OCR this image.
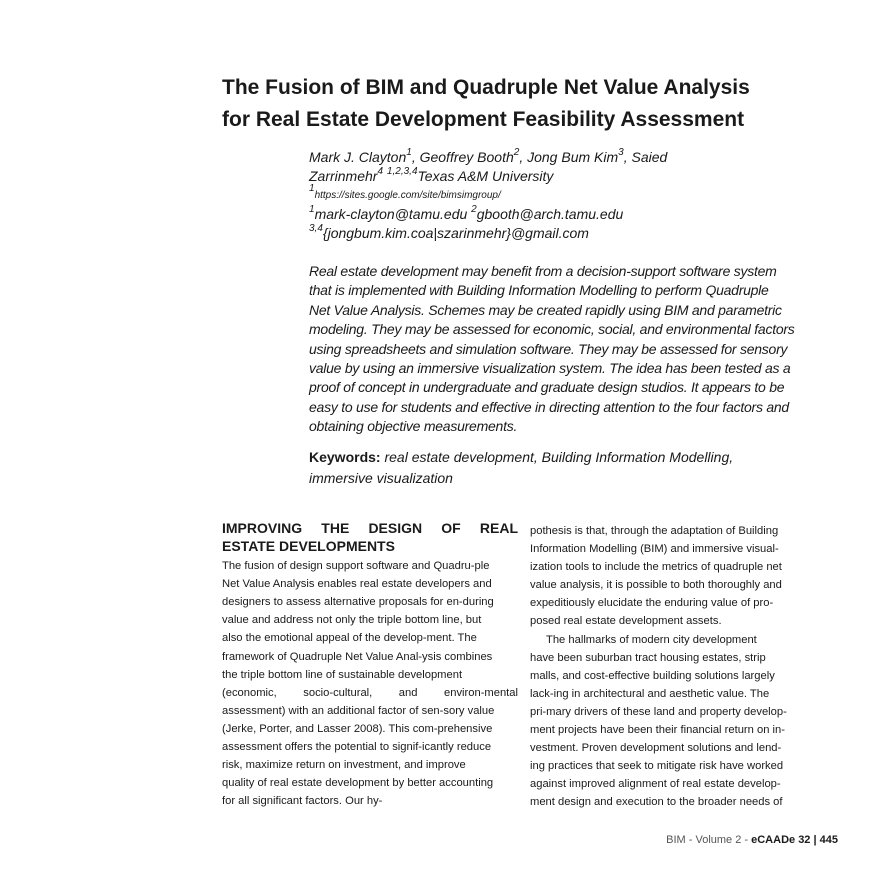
The Fusion of BIM and Quadruple Net Value Analysis
for Real Estate Development Feasibility Assessment
Mark J. Clayton$^1$, Geoffrey Booth$^2$, Jong Bum Kim$^3$, Saied
Zarrinmehr$^4$ $^{1,2,3,4}$Texas A&M University
$^1$https://sites.google.com/site/bimsimgroup/
$^1$mark-clayton@tamu.edu $^2$gbooth@arch.tamu.edu
$^{3,4}${jongbum.kim.coa|szarinmehr}@gmail.com
Real estate development may benefit from a decision-support software system
that is implemented with Building Information Modelling to perform Quadruple
Net Value Analysis. Schemes may be created rapidly using BIM and parametric
modeling. They may be assessed for economic, social, and environmental factors
using spreadsheets and simulation software. They may be assessed for sensory
value by using an immersive visualization system. The idea has been tested as a
proof of concept in undergraduate and graduate design studios. It appears to be
easy to use for students and effective in directing attention to the four factors and
obtaining objective measurements.
Keywords: real estate development, Building Information Modelling,
immersive visualization
IMPROVING THE DESIGN OF REAL
ESTATE DEVELOPMENTS
The fusion of design support software and Quadru-ple
Net Value Analysis enables real estate developers and
designers to assess alternative proposals for en-during
value and address not only the triple bottom line, but
also the emotional appeal of the develop-ment. The
framework of Quadruple Net Value Anal-ysis combines
the triple bottom line of sustainable development
(economic, socio-cultural, and environ-mental
assessment) with an additional factor of sen-sory value
(Jerke, Porter, and Lasser 2008). This com-prehensive
assessment offers the potential to signif-icantly reduce
risk, maximize return on investment, and improve
quality of real estate development by better accounting
for all significant factors. Our hy-
pothesis is that, through the adaptation of Building
Information Modelling (BIM) and immersive visual-
ization tools to include the metrics of quadruple net
value analysis, it is possible to both thoroughly and
expeditiously elucidate the enduring value of pro-
posed real estate development assets.
The hallmarks of modern city development
have been suburban tract housing estates, strip
malls, and cost-effective building solutions largely
lack-ing in architectural and aesthetic value. The
pri-mary drivers of these land and property develop-
ment projects have been their financial return on in-
vestment. Proven development solutions and lend-
ing practices that seek to mitigate risk have worked
against improved alignment of real estate develop-
ment design and execution to the broader needs of
BIM - Volume 2 - eCAADe 32 | 445
